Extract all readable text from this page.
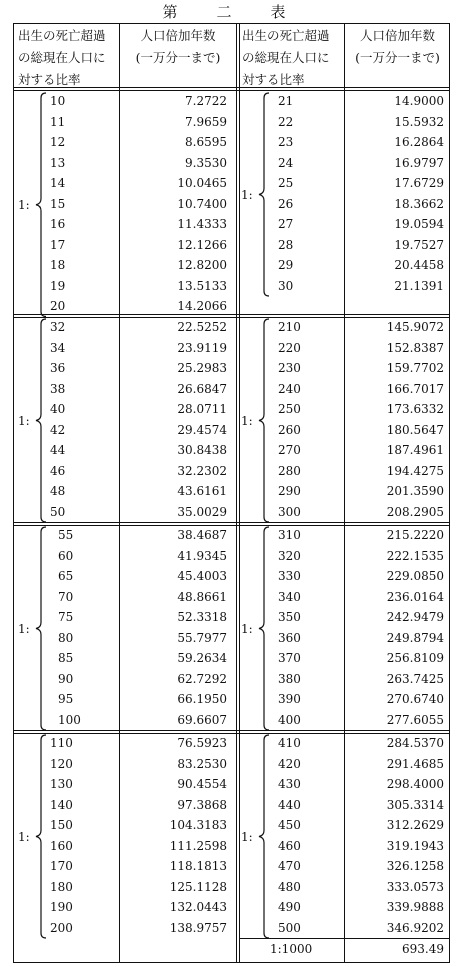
第　二　表
出生の死亡超過
の総現在人口に
対する比率
人口倍加年数
(一万分一まで)
出生の死亡超過
の総現在人口に
対する比率
人口倍加年数
(一万分一まで)
10	7.2722
11	7.9659
12	8.6595
13	9.3530
14	10.0465
15	10.7400
16	11.4333
17	12.1266
18	12.8200
19	13.5133
20	14.2066
1:
21	14.9000
22	15.5932
23	16.2864
24	16.9797
25	17.6729
26	18.3662
27	19.0594
28	19.7527
29	20.4458
30	21.1391
1:
32	22.5252
34	23.9119
36	25.2983
38	26.6847
40	28.0711
42	29.4574
44	30.8438
46	32.2302
48	43.6161
50	35.0029
1:
210	145.9072
220	152.8387
230	159.7702
240	166.7017
250	173.6332
260	180.5647
270	187.4961
280	194.4275
290	201.3590
300	208.2905
1:
55	38.4687
60	41.9345
65	45.4003
70	48.8661
75	52.3318
80	55.7977
85	59.2634
90	62.7292
95	66.1950
100	69.6607
1:
310	215.2220
320	222.1535
330	229.0850
340	236.0164
350	242.9479
360	249.8794
370	256.8109
380	263.7425
390	270.6740
400	277.6055
1:
110	76.5923
120	83.2530
130	90.4554
140	97.3868
150	104.3183
160	111.2598
170	118.1813
180	125.1128
190	132.0443
200	138.9757
1:
410	284.5370
420	291.4685
430	298.4000
440	305.3314
450	312.2629
460	319.1943
470	326.1258
480	333.0573
490	339.9888
500	346.9202
1:
1:1000	693.49
